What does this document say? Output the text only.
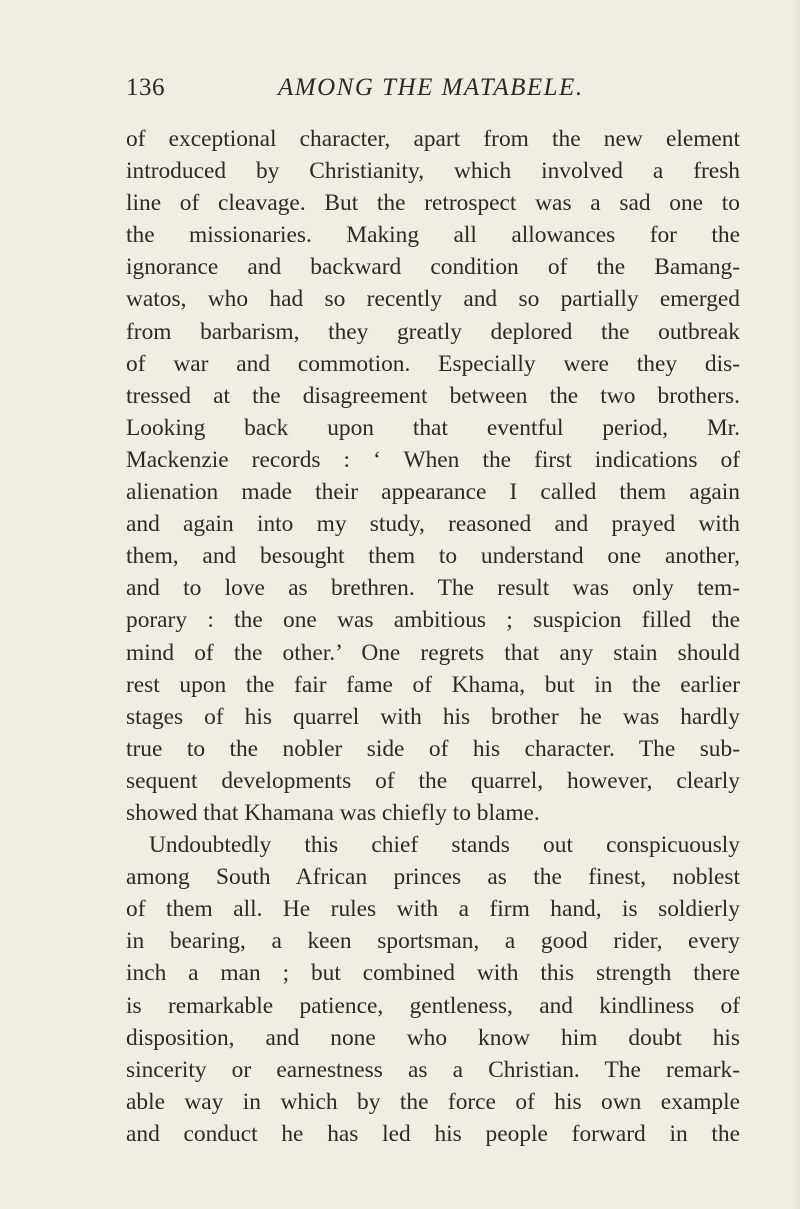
136	AMONG THE MATABELE.
of exceptional character, apart from the new element
introduced by Christianity, which involved a fresh
line of cleavage. But the retrospect was a sad one to
the missionaries. Making all allowances for the
ignorance and backward condition of the Bamang-
watos, who had so recently and so partially emerged
from barbarism, they greatly deplored the outbreak
of war and commotion. Especially were they dis-
tressed at the disagreement between the two brothers.
Looking back upon that eventful period, Mr.
Mackenzie records : ‘ When the first indications of
alienation made their appearance I called them again
and again into my study, reasoned and prayed with
them, and besought them to understand one another,
and to love as brethren. The result was only tem-
porary : the one was ambitious ; suspicion filled the
mind of the other.’ One regrets that any stain should
rest upon the fair fame of Khama, but in the earlier
stages of his quarrel with his brother he was hardly
true to the nobler side of his character. The sub-
sequent developments of the quarrel, however, clearly
showed that Khamana was chiefly to blame.
Undoubtedly this chief stands out conspicuously
among South African princes as the finest, noblest
of them all. He rules with a firm hand, is soldierly
in bearing, a keen sportsman, a good rider, every
inch a man ; but combined with this strength there
is remarkable patience, gentleness, and kindliness of
disposition, and none who know him doubt his
sincerity or earnestness as a Christian. The remark-
able way in which by the force of his own example
and conduct he has led his people forward in the
